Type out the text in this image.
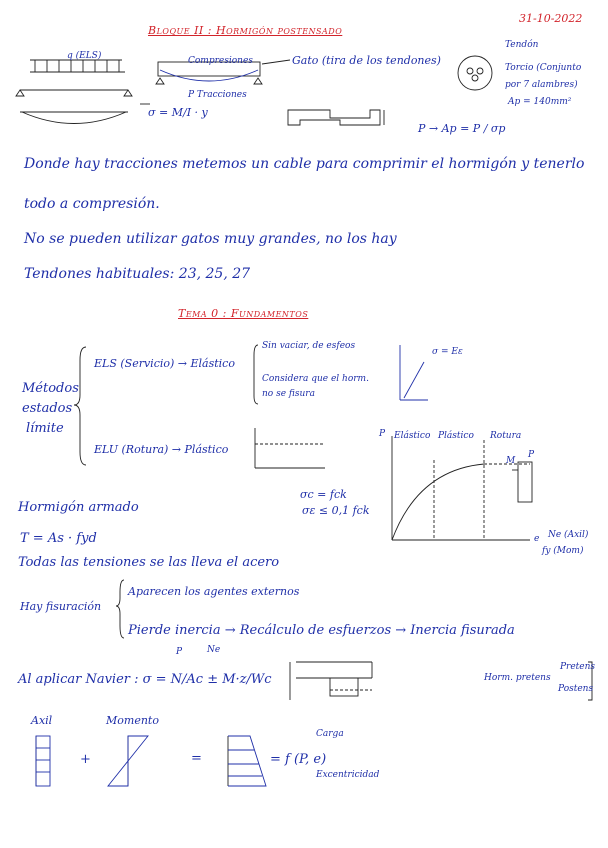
31-10-2022
Bloque II : Hormigón postensado
q (ELS)	Compresiones	Gato (tira de los tendones)
P Tracciones
σ = M/I · y
Tendón
Torcio (Conjunto
por 7 alambres)
Ap = 140mm²
P → Ap = P / σp
Donde hay tracciones metemos un cable para comprimir el hormigón y tenerlo
todo a compresión.
No se pueden utilizar gatos muy grandes, no los hay
Tendones habituales: 23, 25, 27
Tema 0 : Fundamentos
Métodos
estados
límite
ELS (Servicio) → Elástico
Sin vaciar, de esfeos
Considera que el horm.
no se fisura
σ = Eε
ELU (Rotura) → Plástico
P Elástico Plástico Rotura
e Ne (Axil)
fy (Mom)
M
P
Hormigón armado
σc = fck
σε ≤ 0,1 fck
T = As · fyd
Todas las tensiones se las lleva el acero
Hay fisuración
Aparecen los agentes externos
Pierde inercia → Recálculo de esfuerzos → Inercia fisurada
Al aplicar Navier : σ = N/Ac ± M·z/Wc
P	Ne
Horm. pretens
Pretens
Postens
Axil	Momento
+	=	= f (P, e)
Carga
Excentricidad
